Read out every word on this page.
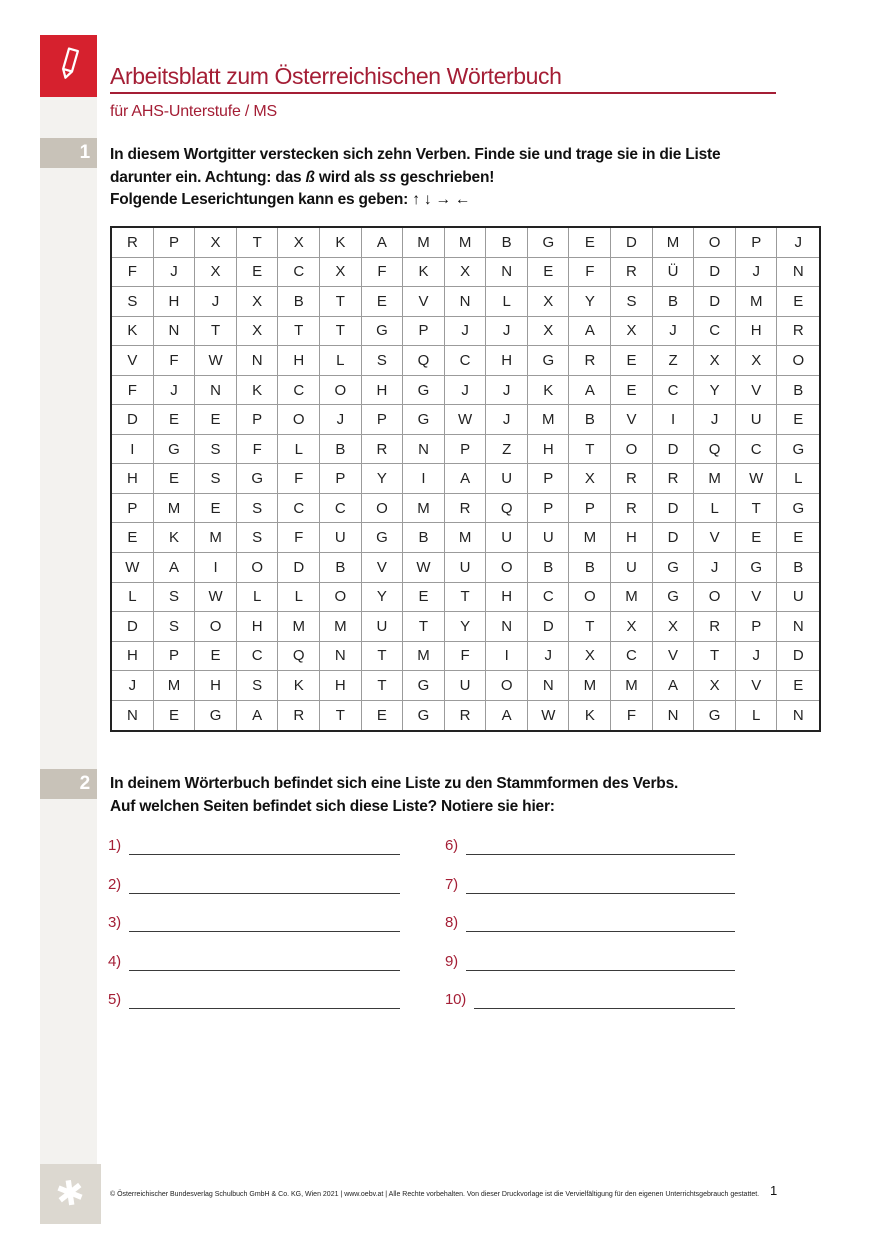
Arbeitsblatt zum Österreichischen Wörterbuch
für AHS-Unterstufe / MS
1	In diesem Wortgitter verstecken sich zehn Verben. Finde sie und trage sie in die Liste
darunter ein. Achtung: das ß wird als ss geschrieben!
Folgende Leserichtungen kann es geben: ↑ ↓ → ←
R	P	X	T	X	K	A	M	M	B	G	E	D	M	O	P	J
F	J	X	E	C	X	F	K	X	N	E	F	R	Ü	D	J	N
S	H	J	X	B	T	E	V	N	L	X	Y	S	B	D	M	E
K	N	T	X	T	T	G	P	J	J	X	A	X	J	C	H	R
V	F	W	N	H	L	S	Q	C	H	G	R	E	Z	X	X	O
F	J	N	K	C	O	H	G	J	J	K	A	E	C	Y	V	B
D	E	E	P	O	J	P	G	W	J	M	B	V	I	J	U	E
I	G	S	F	L	B	R	N	P	Z	H	T	O	D	Q	C	G
H	E	S	G	F	P	Y	I	A	U	P	X	R	R	M	W	L
P	M	E	S	C	C	O	M	R	Q	P	P	R	D	L	T	G
E	K	M	S	F	U	G	B	M	U	U	M	H	D	V	E	E
W	A	I	O	D	B	V	W	U	O	B	B	U	G	J	G	B
L	S	W	L	L	O	Y	E	T	H	C	O	M	G	O	V	U
D	S	O	H	M	M	U	T	Y	N	D	T	X	X	R	P	N
H	P	E	C	Q	N	T	M	F	I	J	X	C	V	T	J	D
J	M	H	S	K	H	T	G	U	O	N	M	M	A	X	V	E
N	E	G	A	R	T	E	G	R	A	W	K	F	N	G	L	N
2	In deinem Wörterbuch befindet sich eine Liste zu den Stammformen des Verbs.
Auf welchen Seiten befindet sich diese Liste? Notiere sie hier:
1)
2)
3)
4)
5)
6)
7)
8)
9)
10)
✱	© Österreichischer Bundesverlag Schulbuch GmbH & Co. KG, Wien 2021 | www.oebv.at | Alle Rechte vorbehalten. Von dieser Druckvorlage ist die Vervielfältigung für den eigenen Unterrichtsgebrauch gestattet. 1
